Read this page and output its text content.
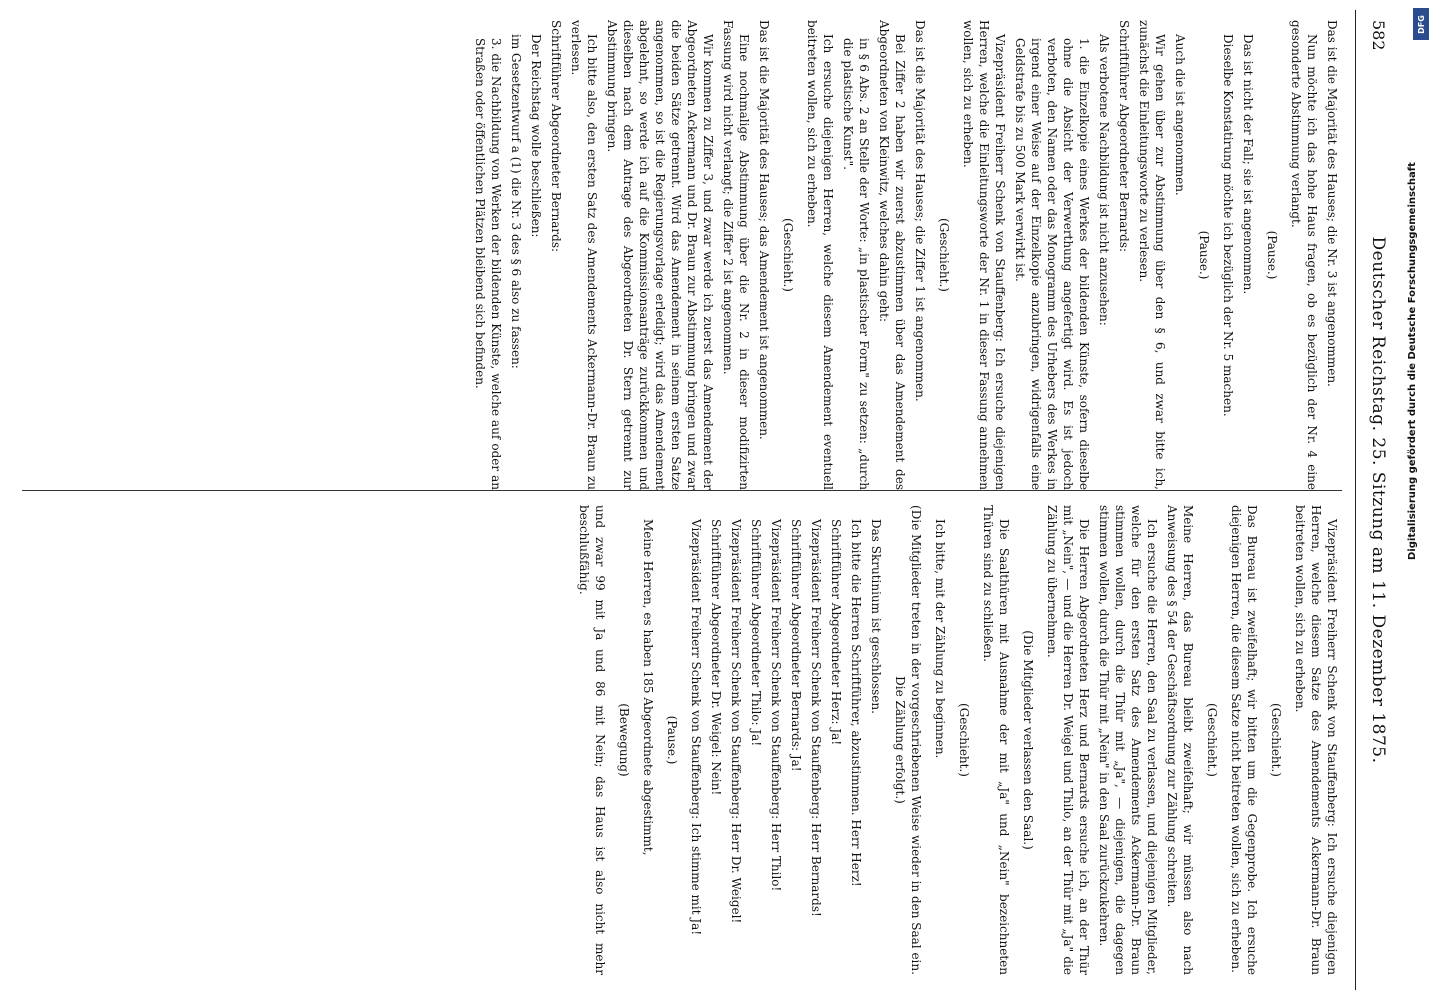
582
Deutscher Reichstag. 25. Sitzung am 11. Dezember 1875.

Das ist die Majorität des Hauses; die Nr. 3 ist angenommen.

Nun möchte ich das hohe Haus fragen, ob es bezüglich der Nr. 4 eine gesonderte Abstimmung verlangt.

(Pause.)

Das ist nicht der Fall; sie ist angenommen.

Dieselbe Konstatirung möchte ich bezüglich der Nr. 5 machen.

(Pause.)

Auch die ist angenommen.

Wir gehen über zur Abstimmung über den § 6, und zwar bitte ich, zunächst die Einleitungsworte zu verlesen.

Schriftführer Abgeordneter Bernards:

Als verbotene Nachbildung ist nicht anzusehen:

1. die Einzelkopie eines Werkes der bildenden Künste, sofern dieselbe ohne die Absicht der Verwerthung angefertigt wird. Es ist jedoch verboten, den Namen oder das Monogramm des Urhebers des Werkes in irgend einer Weise auf der Einzelkopie anzubringen, widrigenfalls eine Geldstrafe bis zu 500 Mark verwirkt ist.

Vizepräsident Freiherr Schenk von Stauffenberg: Ich ersuche diejenigen Herren, welche die Einleitungsworte der Nr. 1 in dieser Fassung annehmen wollen, sich zu erheben.

(Geschieht.)

Das ist die Majorität des Hauses; die Ziffer 1 ist angenommen.

Bei Ziffer 2 haben wir zuerst abzustimmen über das Amendement des Abgeordneten von Kleinwitz, welches dahin geht:

in § 6 Abs. 2 an Stelle der Worte: „in plastischer Form" zu setzen: „durch die plastische Kunst".

Ich ersuche diejenigen Herren, welche diesem Amendement eventuell beitreten wollen, sich zu erheben.

(Geschieht.)

Das ist die Majorität des Hauses; das Amendement ist angenommen.

Eine nochmalige Abstimmung über die Nr. 2 in dieser modifizirten Fassung wird nicht verlangt; die Ziffer 2 ist angenommen.

Wir kommen zu Ziffer 3, und zwar werde ich zuerst das Amendement der Abgeordneten Ackermann und Dr. Braun zur Abstimmung bringen und zwar die beiden Sätze getrennt. Wird das Amendement in seinem ersten Satze angenommen, so ist die Regierungsvorlage erledigt; wird das Amendement abgelehnt, so werde ich auf die Kommissionsanträge zurückkommen und dieselben nach dem Antrage des Abgeordneten Dr. Stern getrennt zur Abstimmung bringen.

Ich bitte also, den ersten Satz des Amendements Ackermann-Dr. Braun zu verlesen.

Schriftführer Abgeordneter Bernards:

Der Reichstag wolle beschließen:

im Gesetzentwurf a (1) die Nr. 3 des § 6 also zu fassen:

3. die Nachbildung von Werken der bildenden Künste, welche auf oder an Straßen oder öffentlichen Plätzen bleibend sich befinden.

Vizepräsident Freiherr Schenk von Stauffenberg: Ich ersuche diejenigen Herren, welche diesem Satze des Amendements Ackermann-Dr. Braun beitreten wollen, sich zu erheben.

(Geschieht.)

Das Bureau ist zweifelhaft; wir bitten um die Gegenprobe. Ich ersuche diejenigen Herren, die diesem Satze nicht beitreten wollen, sich zu erheben.

(Geschieht.)

Meine Herren, das Bureau bleibt zweifelhaft; wir müssen also nach Anweisung des § 54 der Geschäftsordnung zur Zählung schreiten.

Ich ersuche die Herren, den Saal zu verlassen, und diejenigen Mitglieder, welche für den ersten Satz des Amendements Ackermann-Dr. Braun stimmen wollen, durch die Thür mit „Ja", — diejenigen, die dagegen stimmen wollen, durch die Thür mit „Nein" in den Saal zurückzukehren.

Die Herren Abgeordneten Herz und Bernards ersuche ich, an der Thür mit „Nein", — und die Herren Dr. Weigel und Thilo, an der Thür mit „Ja" die Zählung zu übernehmen.

(Die Mitglieder verlassen den Saal.)

Die Saalthüren mit Ausnahme der mit „Ja" und „Nein" bezeichneten Thüren sind zu schließen.

(Geschieht.)

Ich bitte, mit der Zählung zu beginnen.

(Die Mitglieder treten in der vorgeschriebenen Weise wieder in den Saal ein. Die Zählung erfolgt.)

Das Skrutinium ist geschlossen.

Ich bitte die Herren Schriftführer, abzustimmen. Herr Herz!

Schriftführer Abgeordneter Herz: Ja!

Vizepräsident Freiherr Schenk von Stauffenberg: Herr Bernards!

Schriftführer Abgeordneter Bernards: Ja!

Vizepräsident Freiherr Schenk von Stauffenberg: Herr Thilo!

Schriftführer Abgeordneter Thilo: Ja!

Vizepräsident Freiherr Schenk von Stauffenberg: Herr Dr. Weigel!

Schriftführer Abgeordneter Dr. Weigel: Nein!

Vizepräsident Freiherr Schenk von Stauffenberg: Ich stimme mit Ja!

(Pause.)

Meine Herren, es haben 185 Abgeordnete abgestimmt,

(Bewegung)

und zwar 99 mit Ja und 86 mit Nein; das Haus ist also nicht mehr beschlußfähig.	Digitalisierung gefördert durch die Deutsche Forschungsgemeinschaft
DFG
